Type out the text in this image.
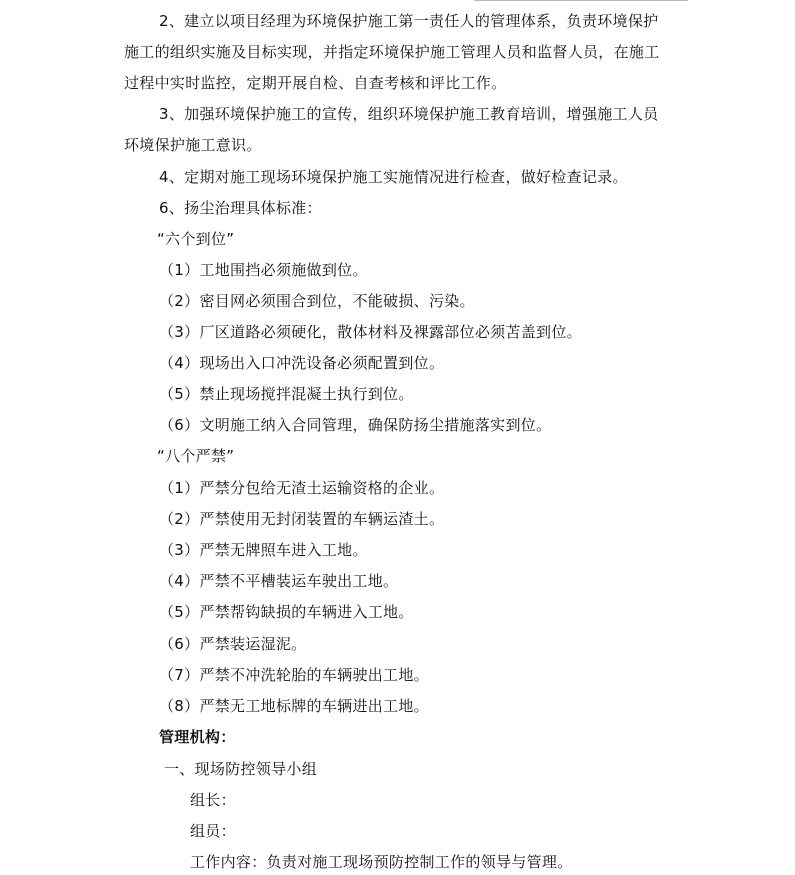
2、建立以项目经理为环境保护施工第一责任人的管理体系，负责环境保护
施工的组织实施及目标实现，并指定环境保护施工管理人员和监督人员，在施工
过程中实时监控，定期开展自检、自查考核和评比工作。
3、加强环境保护施工的宣传，组织环境保护施工教育培训，增强施工人员
环境保护施工意识。
4、定期对施工现场环境保护施工实施情况进行检查，做好检查记录。
6、扬尘治理具体标准：
“六个到位”
（1）工地围挡必须施做到位。
（2）密目网必须围合到位，不能破损、污染。
（3）厂区道路必须硬化，散体材料及裸露部位必须苫盖到位。
（4）现场出入口冲洗设备必须配置到位。
（5）禁止现场搅拌混凝土执行到位。
（6）文明施工纳入合同管理，确保防扬尘措施落实到位。
“八个严禁”
（1）严禁分包给无渣土运输资格的企业。
（2）严禁使用无封闭装置的车辆运渣土。
（3）严禁无牌照车进入工地。
（4）严禁不平槽装运车驶出工地。
（5）严禁帮钩缺损的车辆进入工地。
（6）严禁装运湿泥。
（7）严禁不冲洗轮胎的车辆驶出工地。
（8）严禁无工地标牌的车辆进出工地。
管理机构：
一、现场防控领导小组
组长：
组员：
工作内容：负责对施工现场预防控制工作的领导与管理。
